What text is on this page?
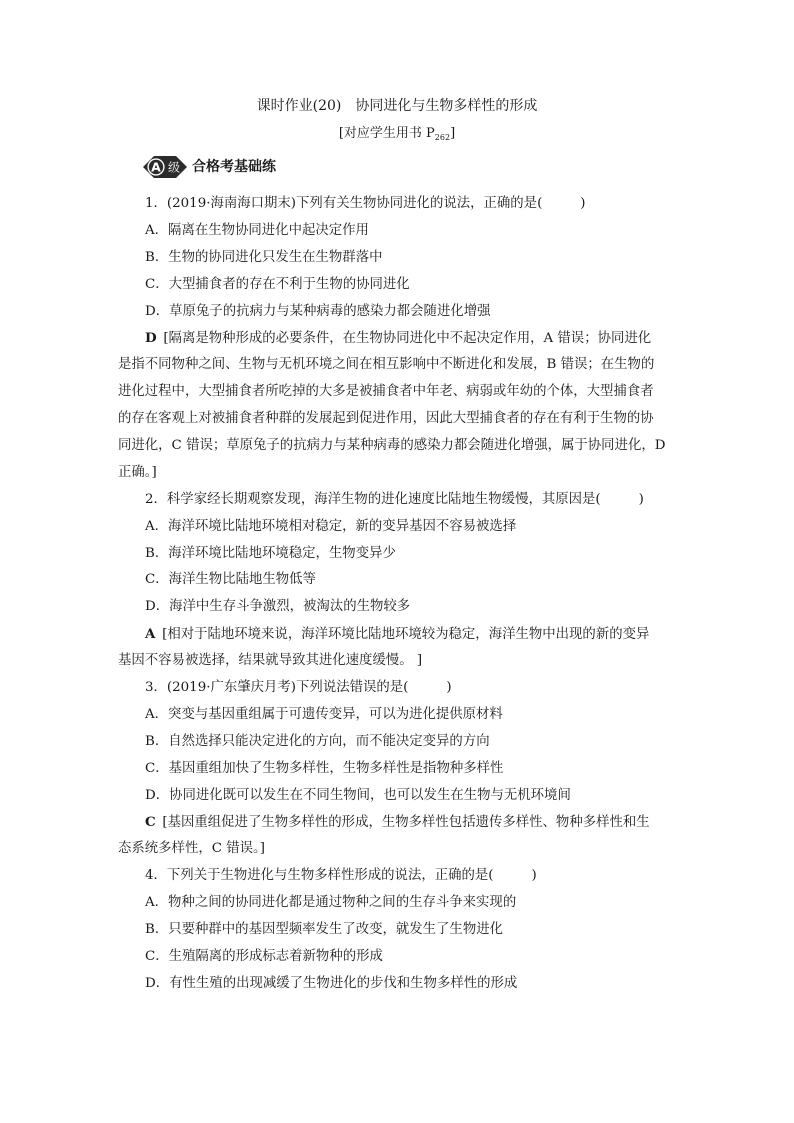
课时作业(20) 协同进化与生物多样性的形成
[对应学生用书 $P_{262}$]
A 级 合格考基础练
1．(2019·海南海口期末)下列有关生物协同进化的说法，正确的是(	)
A．隔离在生物协同进化中起决定作用
B．生物的协同进化只发生在生物群落中
C．大型捕食者的存在不利于生物的协同进化
D．草原兔子的抗病力与某种病毒的感染力都会随进化增强
D  [隔离是物种形成的必要条件，在生物协同进化中不起决定作用，A 错误；协同进化
是指不同物种之间、生物与无机环境之间在相互影响中不断进化和发展，B 错误；在生物的
进化过程中，大型捕食者所吃掉的大多是被捕食者中年老、病弱或年幼的个体，大型捕食者
的存在客观上对被捕食者种群的发展起到促进作用，因此大型捕食者的存在有利于生物的协
同进化，C 错误；草原兔子的抗病力与某种病毒的感染力都会随进化增强，属于协同进化，D
正确。]
2．科学家经长期观察发现，海洋生物的进化速度比陆地生物缓慢，其原因是(	)
A．海洋环境比陆地环境相对稳定，新的变异基因不容易被选择
B．海洋环境比陆地环境稳定，生物变异少
C．海洋生物比陆地生物低等
D．海洋中生存斗争激烈，被淘汰的生物较多
A  [相对于陆地环境来说，海洋环境比陆地环境较为稳定，海洋生物中出现的新的变异
基因不容易被选择，结果就导致其进化速度缓慢。 ]
3．(2019·广东肇庆月考)下列说法错误的是(	)
A．突变与基因重组属于可遗传变异，可以为进化提供原材料
B．自然选择只能决定进化的方向，而不能决定变异的方向
C．基因重组加快了生物多样性，生物多样性是指物种多样性
D．协同进化既可以发生在不同生物间，也可以发生在生物与无机环境间
C  [基因重组促进了生物多样性的形成，生物多样性包括遗传多样性、物种多样性和生
态系统多样性，C 错误。]
4．下列关于生物进化与生物多样性形成的说法，正确的是(	)
A．物种之间的协同进化都是通过物种之间的生存斗争来实现的
B．只要种群中的基因型频率发生了改变，就发生了生物进化
C．生殖隔离的形成标志着新物种的形成
D．有性生殖的出现减缓了生物进化的步伐和生物多样性的形成
